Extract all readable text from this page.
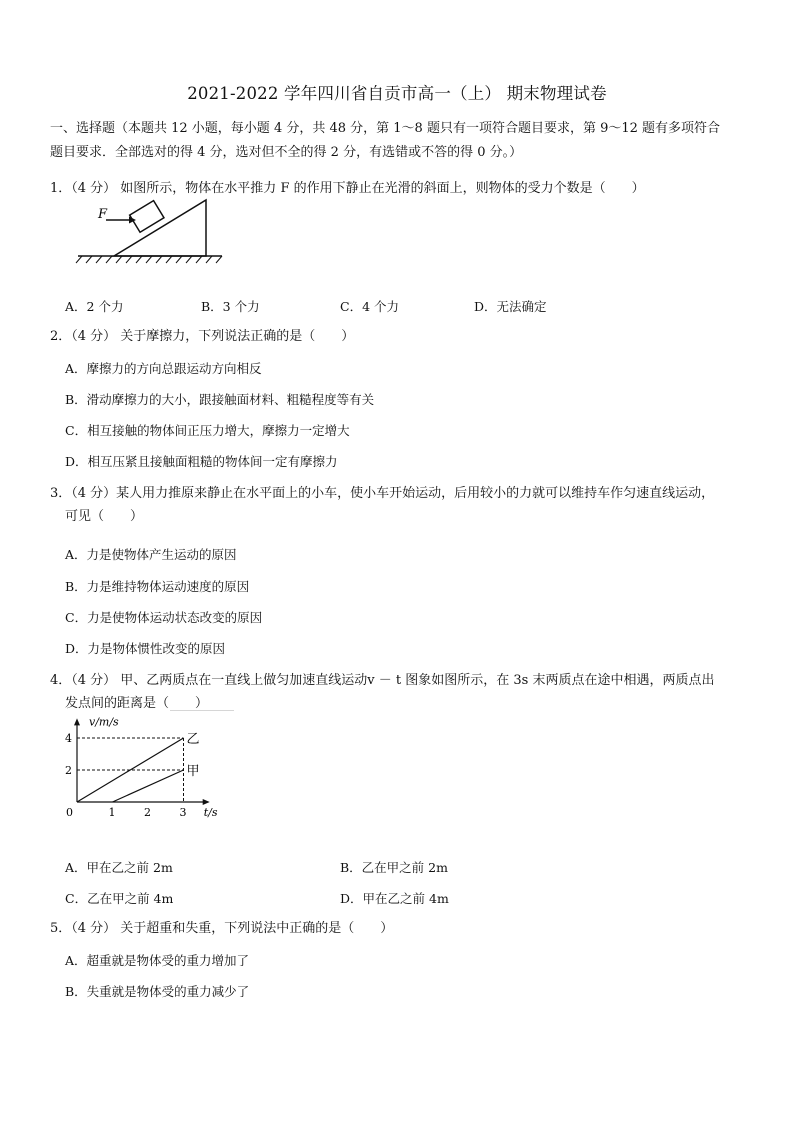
2021-2022 学年四川省自贡市高一（上） 期末物理试卷
一、选择题（本题共 12 小题，每小题 4 分，共 48 分，第 1～8 题只有一项符合题目要求，第 9～12 题有多项符合
题目要求．全部选对的得 4 分，选对但不全的得 2 分，有选错或不答的得 0 分。）
1．（4 分） 如图所示，物体在水平推力 F 的作用下静止在光滑的斜面上，则物体的受力个数是（　　）
F
A．2 个力	B．3 个力	C．4 个力	D．无法确定
2．（4 分） 关于摩擦力，下列说法正确的是（　　）
A．摩擦力的方向总跟运动方向相反
B．滑动摩擦力的大小，跟接触面材料、粗糙程度等有关
C．相互接触的物体间正压力增大，摩擦力一定增大
D．相互压紧且接触面粗糙的物体间一定有摩擦力
3．（4 分）某人用力推原来静止在水平面上的小车，使小车开始运动，后用较小的力就可以维持车作匀速直线运动，
可见（　　）
A．力是使物体产生运动的原因
B．力是维持物体运动速度的原因
C．力是使物体运动状态改变的原因
D．力是物体惯性改变的原因
4．（4 分） 甲、乙两质点在一直线上做匀加速直线运动v － t 图象如图所示，在 3s 末两质点在途中相遇，两质点出
发点间的距离是（　　）
乙
甲
0	1	2	3
2
4
t/s
v/m/s
A．甲在乙之前 2m	B．乙在甲之前 2m
C．乙在甲之前 4m	D．甲在乙之前 4m
5．（4 分） 关于超重和失重，下列说法中正确的是（　　）
A．超重就是物体受的重力增加了
B．失重就是物体受的重力减少了
